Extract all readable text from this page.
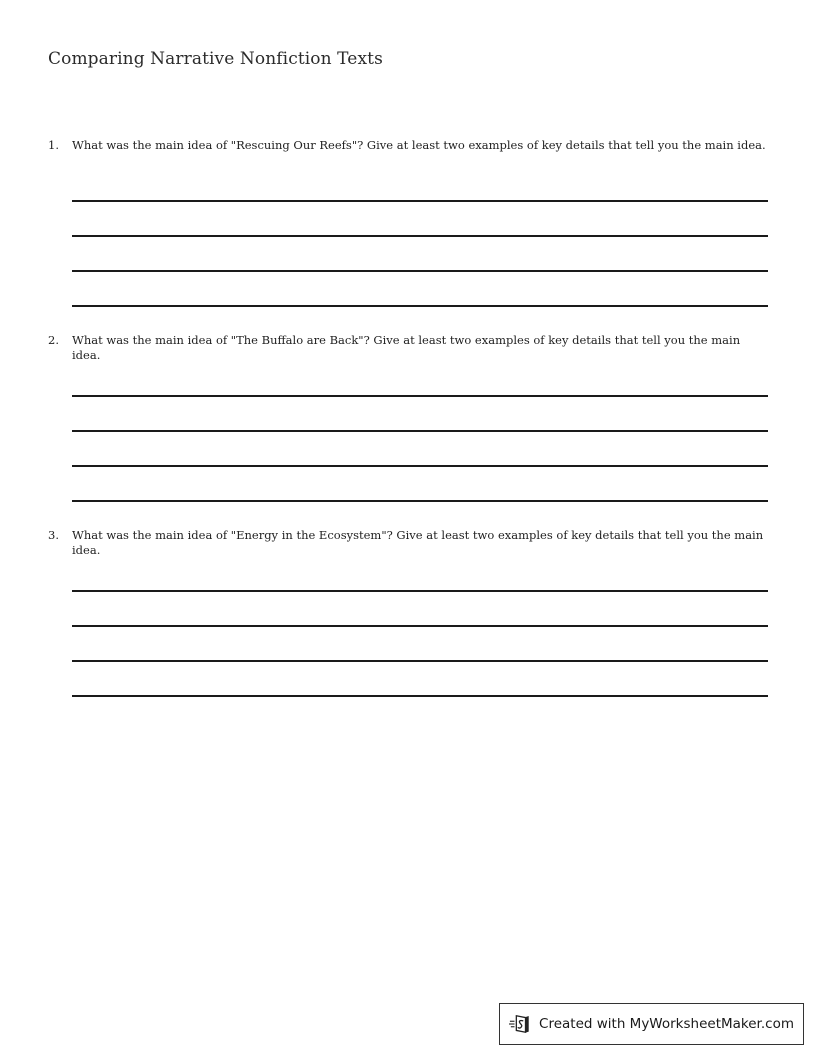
Comparing Narrative Nonfiction Texts
1. What was the main idea of "Rescuing Our Reefs"? Give at least two examples of key details that tell you the main idea.
2. What was the main idea of "The Buffalo are Back"? Give at least two examples of key details that tell you the main idea.
3. What was the main idea of "Energy in the Ecosystem"? Give at least two examples of key details that tell you the main idea.
Created with MyWorksheetMaker.com
